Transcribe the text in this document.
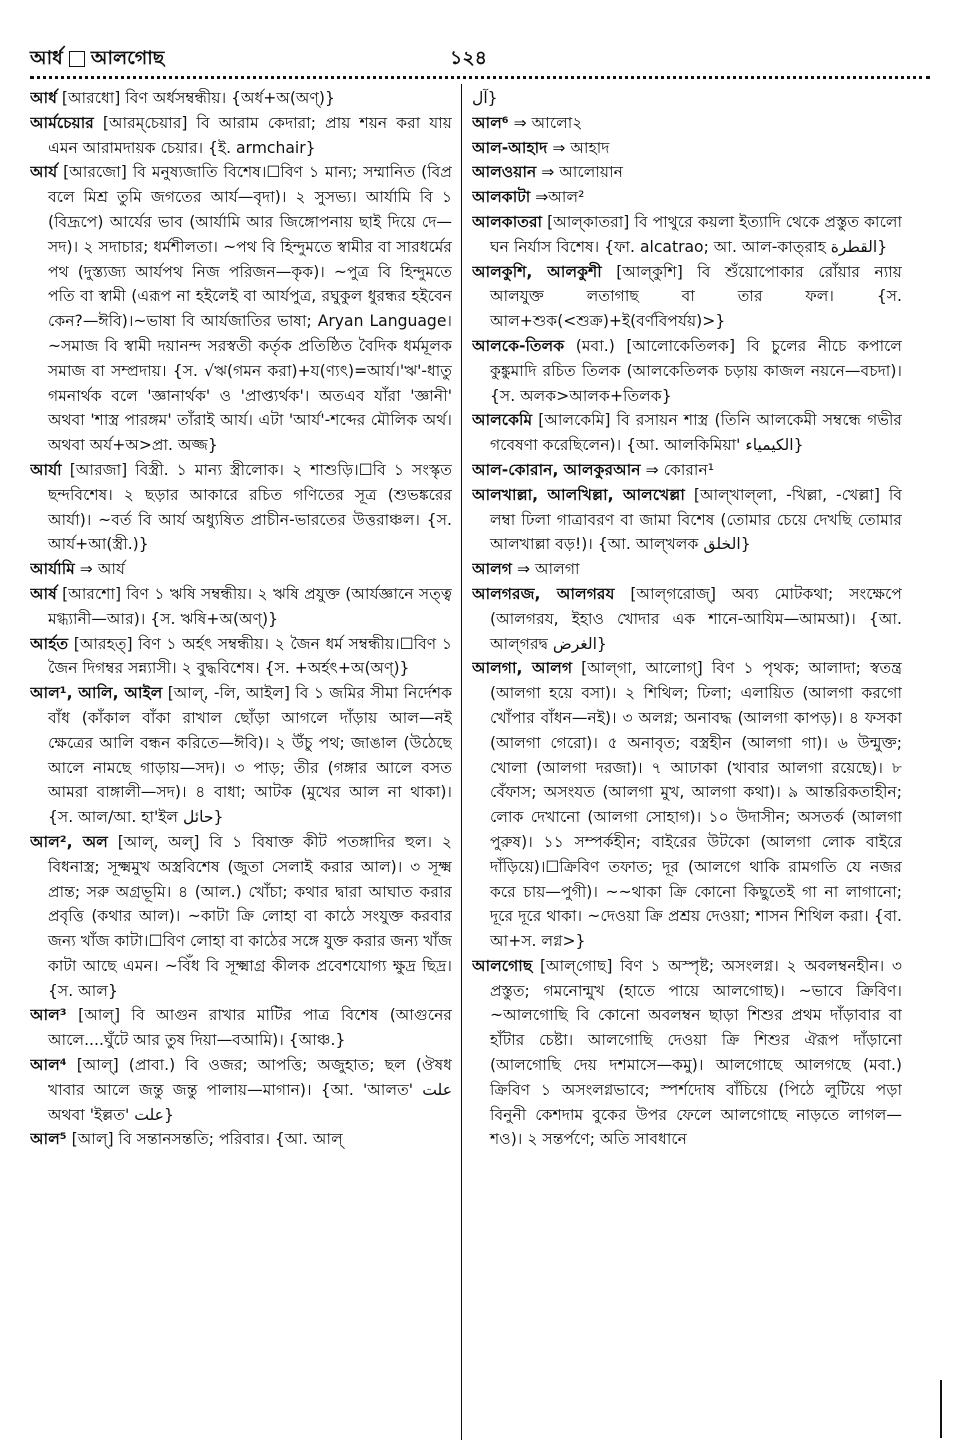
আর্ধ আলগোছ	১২৪

আর্ধ [আরধো] বিণ অর্ধসম্বন্ধীয়। {অর্ধ+অ(অণ্)}

আর্মচেয়ার [আরম্‌চেয়ার] বি আরাম কেদারা; প্রায় শয়ন করা যায় এমন আরামদায়ক চেয়ার। {ই. armchair}

আর্য [আরজো] বি মনুষ্যজাতি বিশেষ।☐বিণ ১ মান্য; সম্মানিত (বিপ্র বলে মিশ্র তুমি জগতের আর্য—বৃদা)। ২ সুসভ্য। আর্যামি বি ১ (বিদ্রূপে) আর্যের ভাব (আর্যামি আর জিঙ্গোপনায় ছাই দিয়ে দে—সদ)। ২ সদাচার; ধর্মশীলতা। ~পথ বি হিন্দুমতে স্বামীর বা সারধর্মের পথ (দুস্ত্যজ্য আর্যপথ নিজ পরিজন—কৃক)। ~পুত্র বি হিন্দুমতে পতি বা স্বামী (এরূপ না হইলেই বা আর্যপুত্র, রঘুকুল ধুরন্ধর হইবেন কেন?—ঈবি)।~ভাষা বি আর্যজাতির ভাষা; Aryan Language।~সমাজ বি স্বামী দয়ানন্দ সরস্বতী কর্তৃক প্রতিষ্ঠিত বৈদিক ধর্মমূলক সমাজ বা সম্প্রদায়। {স. √ঋ(গমন করা)+য(ণ্যৎ)=আর্য।'ঋ'-ধাতু গমনার্থক বলে 'জ্ঞানার্থক' ও 'প্রাপ্ত্যর্থক'। অতএব যাঁরা 'জ্ঞানী' অথবা 'শাস্ত্র পারঙ্গম' তাঁরাই আর্য। এটা 'আর্য'-শব্দের মৌলিক অর্থ। অথবা অর্য+অ>প্রা. অজ্জ}

আর্যা [আরজা] বিস্ত্রী. ১ মান্য স্ত্রীলোক। ২ শাশুড়ি।☐বি ১ সংস্কৃত ছন্দবিশেষ। ২ ছড়ার আকারে রচিত গণিতের সূত্র (শুভঙ্করের আর্যা)। ~বর্ত বি আর্য অধ্যুষিত প্রাচীন-ভারতের উত্তরাঞ্চল। {স. আর্য+আ(স্ত্রী.)}

আর্যামি ⇒ আর্য

আর্ষ [আরশো] বিণ ১ ঋষি সম্বন্ধীয়। ২ ঋষি প্রযুক্ত (আর্যজ্ঞানে সত্ত্ব মগ্ধ্যানী—আর)। {স. ঋষি+অ(অণ্)}

আর্হত [আরহত্‌] বিণ ১ অর্হৎ সম্বন্ধীয়। ২ জৈন ধর্ম সম্বন্ধীয়।☐বিণ ১ জৈন দিগম্বর সন্ন্যাসী। ২ বুদ্ধবিশেষ। {স. +অর্হৎ+অ(অণ্)}

আল¹, আলি, আইল [আল্‌, -লি, আইল] বি ১ জমির সীমা নির্দেশক বাঁধ (কাঁকাল বাঁকা রাখাল ছোঁড়া আগলে দাঁড়ায় আল—নই ক্ষেত্রের আলি বন্ধন করিতে—ঈবি)। ২ উঁচু পথ; জাঙাল (উঠেছে আলে নামছে গাড়ায়—সদ)। ৩ পাড়; তীর (গঙ্গার আলে বসত আমরা বাঙ্গালী—সদ)। ৪ বাধা; আটক (মুখের আল না থাকা)। {স. আল/আ. হা'ইল حائل}

আল², অল [আল্‌, অল্‌] বি ১ বিষাক্ত কীট পতঙ্গাদির হুল। ২ বিধনাস্ত্র; সূক্ষ্মমুখ অস্ত্রবিশেষ (জুতা সেলাই করার আল)। ৩ সূক্ষ্ম প্রান্ত; সরু অগ্রভূমি। ৪ (আল.) খোঁচা; কথার দ্বারা আঘাত করার প্রবৃত্তি (কথার আল)। ~কাটা ক্রি লোহা বা কাঠে সংযুক্ত করবার জন্য খাঁজ কাটা।☐বিণ লোহা বা কাঠের সঙ্গে যুক্ত করার জন্য খাঁজ কাটা আছে এমন। ~বিঁধ বি সূক্ষ্মাগ্র কীলক প্রবেশযোগ্য ক্ষুদ্র ছিদ্র। {স. আল}

আল³ [আল্‌] বি আগুন রাখার মাটির পাত্র বিশেষ (আগুনের আলে....ঘুঁটে আর তুষ দিয়া—বআমি)। {আঞ্চ.}

আল⁴ [আল্‌] (প্রাবা.) বি ওজর; আপত্তি; অজুহাত; ছল (ঔষধ খাবার আলে জন্তু জন্তু পালায়—মাগান)। {আ. 'আলত' علت অথবা 'ইল্লত' علت}

আল⁵ [আল্‌] বি সন্তানসন্ততি; পরিবার। {আ. আল্‌

آل}

আল⁶ ⇒ আলো২

আল-আহাদ ⇒ আহাদ

আলওয়ান ⇒ আলোয়ান

আলকাটা ⇒আল²

আলকাতরা [আল্‌কাতরা] বি পাথুরে কয়লা ইত্যাদি থেকে প্রস্তুত কালো ঘন নির্যাস বিশেষ। {ফা. alcatrao; আ. আল-কাত্‌রাহ القطرة}

আলকুশি, আলকুশী [আল্‌কুশি] বি শুঁয়োপোকার রোঁয়ার ন্যায় আলযুক্ত লতাগাছ বা তার ফল। {স. আল+শুক(<শুক্র)+ই(বর্ণবিপর্যয়)>}

আলকে-তিলক (মবা.) [আলোকেতিলক] বি চুলের নীচে কপালে কুঙ্কুমাদি রচিত তিলক (আলকেতিলক চড়ায় কাজল নয়নে—বচদা)। {স. অলক>আলক+তিলক}

আলকেমি [আলকেমি] বি রসায়ন শাস্ত্র (তিনি আলকেমী সম্বন্ধে গভীর গবেষণা করেছিলেন)। {আ. আলকিমিয়া' الكيمياء}

আল-কোরান, আলকুরআন ⇒ কোরান¹

আলখাল্লা, আলখিল্লা, আলখেল্লা [আল্‌খাল্‌লা, -খিল্লা, -খেল্লা] বি লম্বা ঢিলা গাত্রাবরণ বা জামা বিশেষ (তোমার চেয়ে দেখছি তোমার আলখাল্লা বড়!)। {আ. আল্‌খলক الخلق}

আলগ ⇒ আলগা

আলগরজ, আলগরয [আল্‌গরোজ্‌] অব্য মোটকথা; সংক্ষেপে (আলগরয, ইহাও খোদার এক শানে-আযিম—আমআ)। {আ. আল্‌গরদ্ব الغرض}

আলগা, আলগ [আল্‌গা, আলোগ্‌] বিণ ১ পৃথক; আলাদা; স্বতন্ত্র (আলগা হয়ে বসা)। ২ শিথিল; ঢিলা; এলায়িত (আলগা করগো খোঁপার বাঁধন—নই)। ৩ অলগ্ন; অনাবদ্ধ (আলগা কাপড়)। ৪ ফসকা (আলগা গেরো)। ৫ অনাবৃত; বস্ত্রহীন (আলগা গা)। ৬ উন্মুক্ত; খোলা (আলগা দরজা)। ৭ আঢাকা (খাবার আলগা রয়েছে)। ৮ বেঁফাস; অসংযত (আলগা মুখ, আলগা কথা)। ৯ আন্তরিকতাহীন; লোক দেখানো (আলগা সোহাগ)। ১০ উদাসীন; অসতর্ক (আলগা পুরুষ)। ১১ সম্পর্কহীন; বাইরের উটকো (আলগা লোক বাইরে দাঁড়িয়ে)।☐ক্রিবিণ তফাত; দূর (আলগে থাকি রামগতি যে নজর করে চায়—পুগী)। ~~থাকা ক্রি কোনো কিছুতেই গা না লাগানো; দূরে দূরে থাকা। ~দেওয়া ক্রি প্রশ্রয় দেওয়া; শাসন শিথিল করা। {বা. আ+স. লগ্ন>}

আলগোছ [আল্‌গোছ] বিণ ১ অস্পৃষ্ট; অসংলগ্ন। ২ অবলম্বনহীন। ৩ প্রস্তুত; গমনোন্মুখ (হাতে পায়ে আলগোছ)। ~ভাবে ক্রিবিণ। ~আলগোছি বি কোনো অবলম্বন ছাড়া শিশুর প্রথম দাঁড়াবার বা হাঁটার চেষ্টা। আলগোছি দেওয়া ক্রি শিশুর ঐরূপ দাঁড়ানো (আলগোছি দেয় দশমাসে—কমু)। আলগোছে আলগছে (মবা.) ক্রিবিণ ১ অসংলগ্নভাবে; স্পর্শদোষ বাঁচিয়ে (পিঠে লুটিয়ে পড়া বিনুনী কেশদাম বুকের উপর ফেলে আলগোছে নাড়তে লাগল—শও)। ২ সন্তর্পণে; অতি সাবধানে
